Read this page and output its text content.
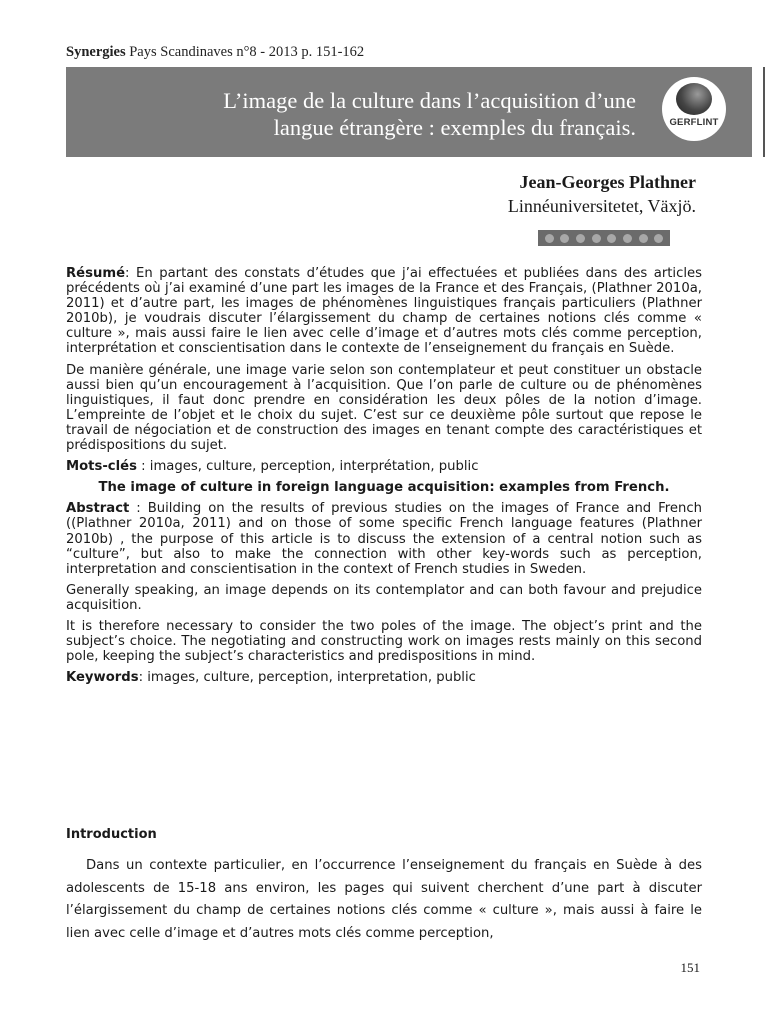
Synergies Pays Scandinaves n°8 - 2013 p. 151-162
L’image de la culture dans l’acquisition d’une
langue étrangère : exemples du français.	GERFLINT
Jean-Georges Plathner
Linnéuniversitetet, Växjö.

Résumé: En partant des constats d’études que j’ai effectuées et publiées dans des articles précédents où j’ai examiné d’une part les images de la France et des Français, (Plathner 2010a, 2011) et d’autre part, les images de phénomènes linguistiques français particuliers (Plathner 2010b), je voudrais discuter l’élargissement du champ de certaines notions clés comme « culture », mais aussi faire le lien avec celle d’image et d’autres mots clés comme perception, interprétation et conscientisation dans le contexte de l’enseignement du français en Suède.

De manière générale, une image varie selon son contemplateur et peut constituer un obstacle aussi bien qu’un encouragement à l’acquisition. Que l’on parle de culture ou de phénomènes linguistiques, il faut donc prendre en considération les deux pôles de la notion d’image. L’empreinte de l’objet et le choix du sujet. C’est sur ce deuxième pôle surtout que repose le travail de négociation et de construction des images en tenant compte des caractéristiques et prédispositions du sujet.

Mots-clés : images, culture, perception, interprétation, public

The image of culture in foreign language acquisition: examples from French.

Abstract : Building on the results of previous studies on the images of France and French ((Plathner 2010a, 2011) and on those of some specific French language features (Plathner 2010b) , the purpose of this article is to discuss the extension of a central notion such as “culture”, but also to make the connection with other key-words such as perception, interpretation and conscientisation in the context of French studies in Sweden.

Generally speaking, an image depends on its contemplator and can both favour and prejudice acquisition.

It is therefore necessary to consider the two poles of the image. The object’s print and the subject’s choice. The negotiating and constructing work on images rests mainly on this second pole, keeping the subject’s characteristics and predispositions in mind.

Keywords: images, culture, perception, interpretation, public

Introduction

Dans un contexte particulier, en l’occurrence l’enseignement du français en Suède à des adolescents de 15-18 ans environ, les pages qui suivent cherchent d’une part à discuter l’élargissement du champ de certaines notions clés comme « culture », mais aussi à faire le lien avec celle d’image et d’autres mots clés comme perception,

151
